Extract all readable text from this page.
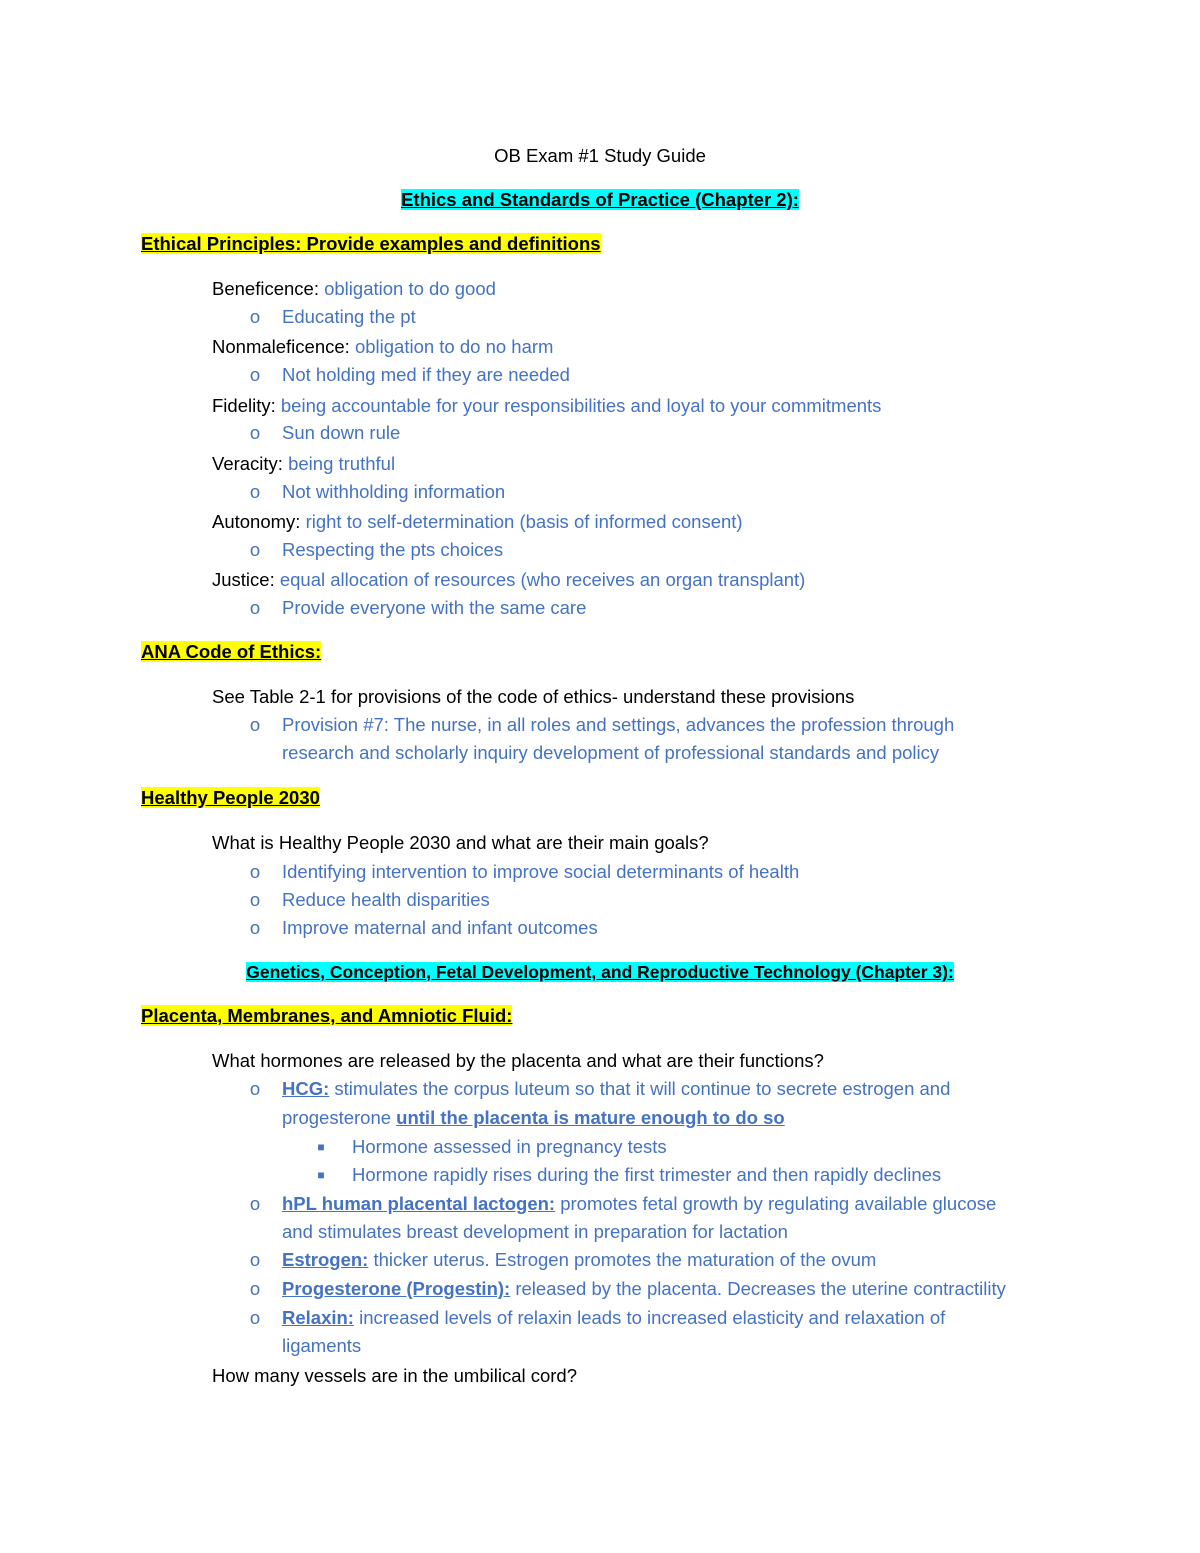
OB Exam #1 Study Guide
Ethics and Standards of Practice (Chapter 2):
Ethical Principles: Provide examples and definitions
Beneficence: obligation to do good
o Educating the pt
Nonmaleficence: obligation to do no harm
o Not holding med if they are needed
Fidelity: being accountable for your responsibilities and loyal to your commitments
o Sun down rule
Veracity: being truthful
o Not withholding information
Autonomy: right to self-determination (basis of informed consent)
o Respecting the pts choices
Justice: equal allocation of resources (who receives an organ transplant)
o Provide everyone with the same care
ANA Code of Ethics:
See Table 2-1 for provisions of the code of ethics- understand these provisions
o Provision #7: The nurse, in all roles and settings, advances the profession through
research and scholarly inquiry development of professional standards and policy
Healthy People 2030
What is Healthy People 2030 and what are their main goals?
o Identifying intervention to improve social determinants of health
o Reduce health disparities
o Improve maternal and infant outcomes
Genetics, Conception, Fetal Development, and Reproductive Technology (Chapter 3):
Placenta, Membranes, and Amniotic Fluid:
What hormones are released by the placenta and what are their functions?
o HCG: stimulates the corpus luteum so that it will continue to secrete estrogen and
progesterone until the placenta is mature enough to do so
■ Hormone assessed in pregnancy tests
■ Hormone rapidly rises during the first trimester and then rapidly declines
o hPL human placental lactogen: promotes fetal growth by regulating available glucose
and stimulates breast development in preparation for lactation
o Estrogen: thicker uterus. Estrogen promotes the maturation of the ovum
o Progesterone (Progestin): released by the placenta. Decreases the uterine contractility
o Relaxin: increased levels of relaxin leads to increased elasticity and relaxation of
ligaments
How many vessels are in the umbilical cord?
